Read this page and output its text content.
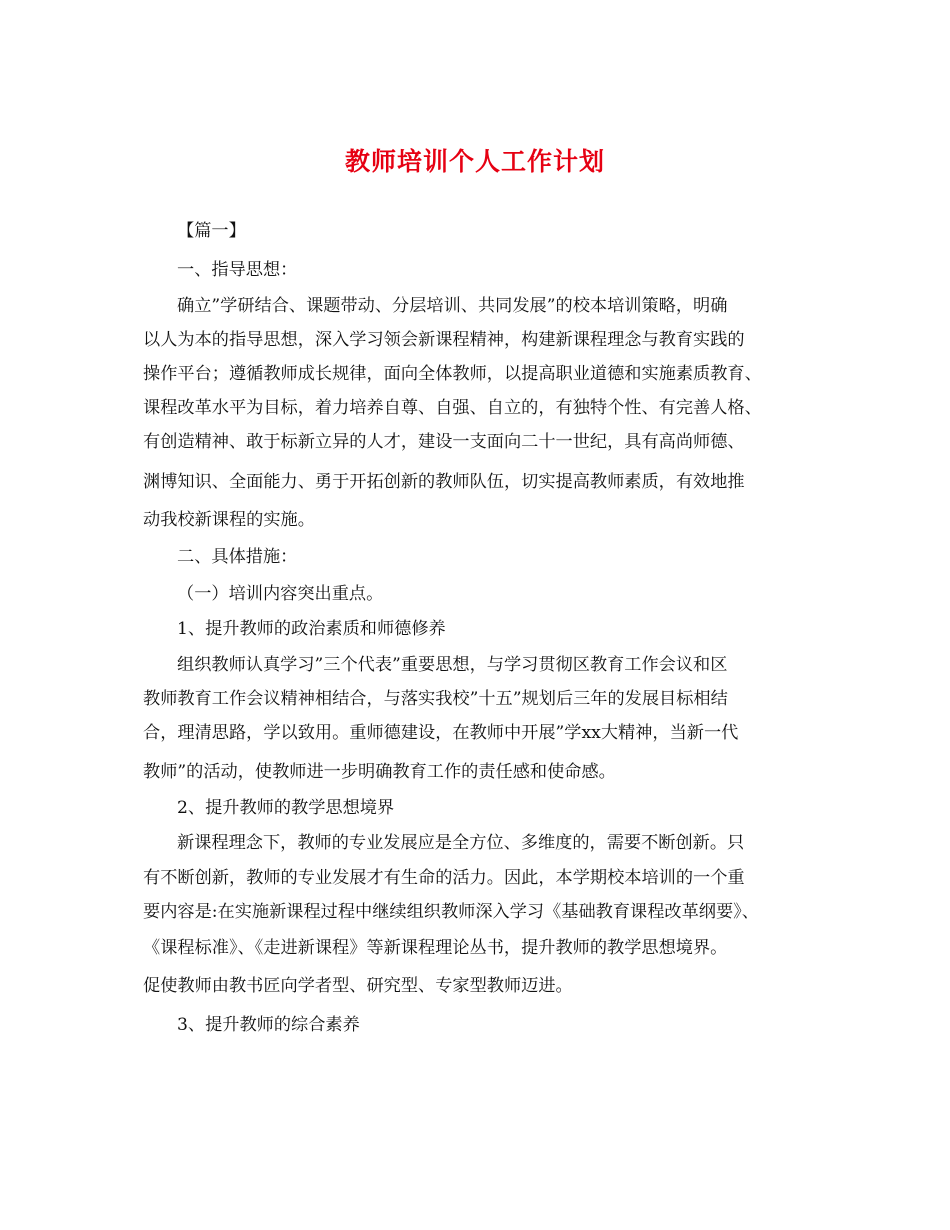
教师培训个人工作计划

【篇一】

一、指导思想：

确立”学研结合、课题带动、分层培训、共同发展”的校本培训策略，明确

以人为本的指导思想，深入学习领会新课程精神，构建新课程理念与教育实践的

操作平台；遵循教师成长规律，面向全体教师，以提高职业道德和实施素质教育、

课程改革水平为目标，着力培养自尊、自强、自立的，有独特个性、有完善人格、

有创造精神、敢于标新立异的人才，建设一支面向二十一世纪，具有高尚师德、

渊博知识、全面能力、勇于开拓创新的教师队伍，切实提高教师素质，有效地推

动我校新课程的实施。

二、具体措施：

（一）培训内容突出重点。

1、提升教师的政治素质和师德修养

组织教师认真学习”三个代表”重要思想，与学习贯彻区教育工作会议和区

教师教育工作会议精神相结合，与落实我校”十五”规划后三年的发展目标相结

合，理清思路，学以致用。重师德建设，在教师中开展”学xx大精神，当新一代

教师”的活动，使教师进一步明确教育工作的责任感和使命感。

2、提升教师的教学思想境界

新课程理念下，教师的专业发展应是全方位、多维度的，需要不断创新。只

有不断创新，教师的专业发展才有生命的活力。因此，本学期校本培训的一个重

要内容是:在实施新课程过程中继续组织教师深入学习《基础教育课程改革纲要》、

《课程标准》、《走进新课程》等新课程理论丛书，提升教师的教学思想境界。

促使教师由教书匠向学者型、研究型、专家型教师迈进。

3、提升教师的综合素养
